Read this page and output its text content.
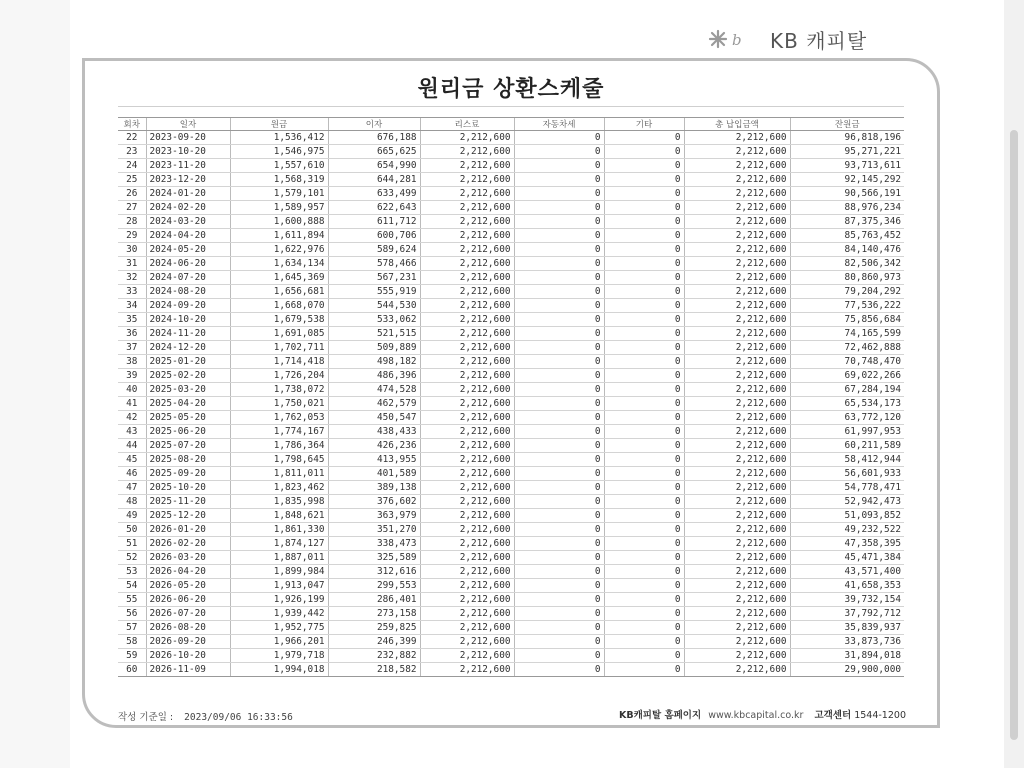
b KB 캐피탈
원리금 상환스케줄
회차	일자	원금	이자	리스료	자동차세	기타	총 납입금액	잔원금
22	2023-09-20	1,536,412	676,188	2,212,600	0	0	2,212,600	96,818,196
23	2023-10-20	1,546,975	665,625	2,212,600	0	0	2,212,600	95,271,221
24	2023-11-20	1,557,610	654,990	2,212,600	0	0	2,212,600	93,713,611
25	2023-12-20	1,568,319	644,281	2,212,600	0	0	2,212,600	92,145,292
26	2024-01-20	1,579,101	633,499	2,212,600	0	0	2,212,600	90,566,191
27	2024-02-20	1,589,957	622,643	2,212,600	0	0	2,212,600	88,976,234
28	2024-03-20	1,600,888	611,712	2,212,600	0	0	2,212,600	87,375,346
29	2024-04-20	1,611,894	600,706	2,212,600	0	0	2,212,600	85,763,452
30	2024-05-20	1,622,976	589,624	2,212,600	0	0	2,212,600	84,140,476
31	2024-06-20	1,634,134	578,466	2,212,600	0	0	2,212,600	82,506,342
32	2024-07-20	1,645,369	567,231	2,212,600	0	0	2,212,600	80,860,973
33	2024-08-20	1,656,681	555,919	2,212,600	0	0	2,212,600	79,204,292
34	2024-09-20	1,668,070	544,530	2,212,600	0	0	2,212,600	77,536,222
35	2024-10-20	1,679,538	533,062	2,212,600	0	0	2,212,600	75,856,684
36	2024-11-20	1,691,085	521,515	2,212,600	0	0	2,212,600	74,165,599
37	2024-12-20	1,702,711	509,889	2,212,600	0	0	2,212,600	72,462,888
38	2025-01-20	1,714,418	498,182	2,212,600	0	0	2,212,600	70,748,470
39	2025-02-20	1,726,204	486,396	2,212,600	0	0	2,212,600	69,022,266
40	2025-03-20	1,738,072	474,528	2,212,600	0	0	2,212,600	67,284,194
41	2025-04-20	1,750,021	462,579	2,212,600	0	0	2,212,600	65,534,173
42	2025-05-20	1,762,053	450,547	2,212,600	0	0	2,212,600	63,772,120
43	2025-06-20	1,774,167	438,433	2,212,600	0	0	2,212,600	61,997,953
44	2025-07-20	1,786,364	426,236	2,212,600	0	0	2,212,600	60,211,589
45	2025-08-20	1,798,645	413,955	2,212,600	0	0	2,212,600	58,412,944
46	2025-09-20	1,811,011	401,589	2,212,600	0	0	2,212,600	56,601,933
47	2025-10-20	1,823,462	389,138	2,212,600	0	0	2,212,600	54,778,471
48	2025-11-20	1,835,998	376,602	2,212,600	0	0	2,212,600	52,942,473
49	2025-12-20	1,848,621	363,979	2,212,600	0	0	2,212,600	51,093,852
50	2026-01-20	1,861,330	351,270	2,212,600	0	0	2,212,600	49,232,522
51	2026-02-20	1,874,127	338,473	2,212,600	0	0	2,212,600	47,358,395
52	2026-03-20	1,887,011	325,589	2,212,600	0	0	2,212,600	45,471,384
53	2026-04-20	1,899,984	312,616	2,212,600	0	0	2,212,600	43,571,400
54	2026-05-20	1,913,047	299,553	2,212,600	0	0	2,212,600	41,658,353
55	2026-06-20	1,926,199	286,401	2,212,600	0	0	2,212,600	39,732,154
56	2026-07-20	1,939,442	273,158	2,212,600	0	0	2,212,600	37,792,712
57	2026-08-20	1,952,775	259,825	2,212,600	0	0	2,212,600	35,839,937
58	2026-09-20	1,966,201	246,399	2,212,600	0	0	2,212,600	33,873,736
59	2026-10-20	1,979,718	232,882	2,212,600	0	0	2,212,600	31,894,018
60	2026-11-09	1,994,018	218,582	2,212,600	0	0	2,212,600	29,900,000
작성 기준일 : 2023/09/06 16:33:56	KB캐피탈 홈페이지 www.kbcapital.co.kr 고객센터 1544-1200
